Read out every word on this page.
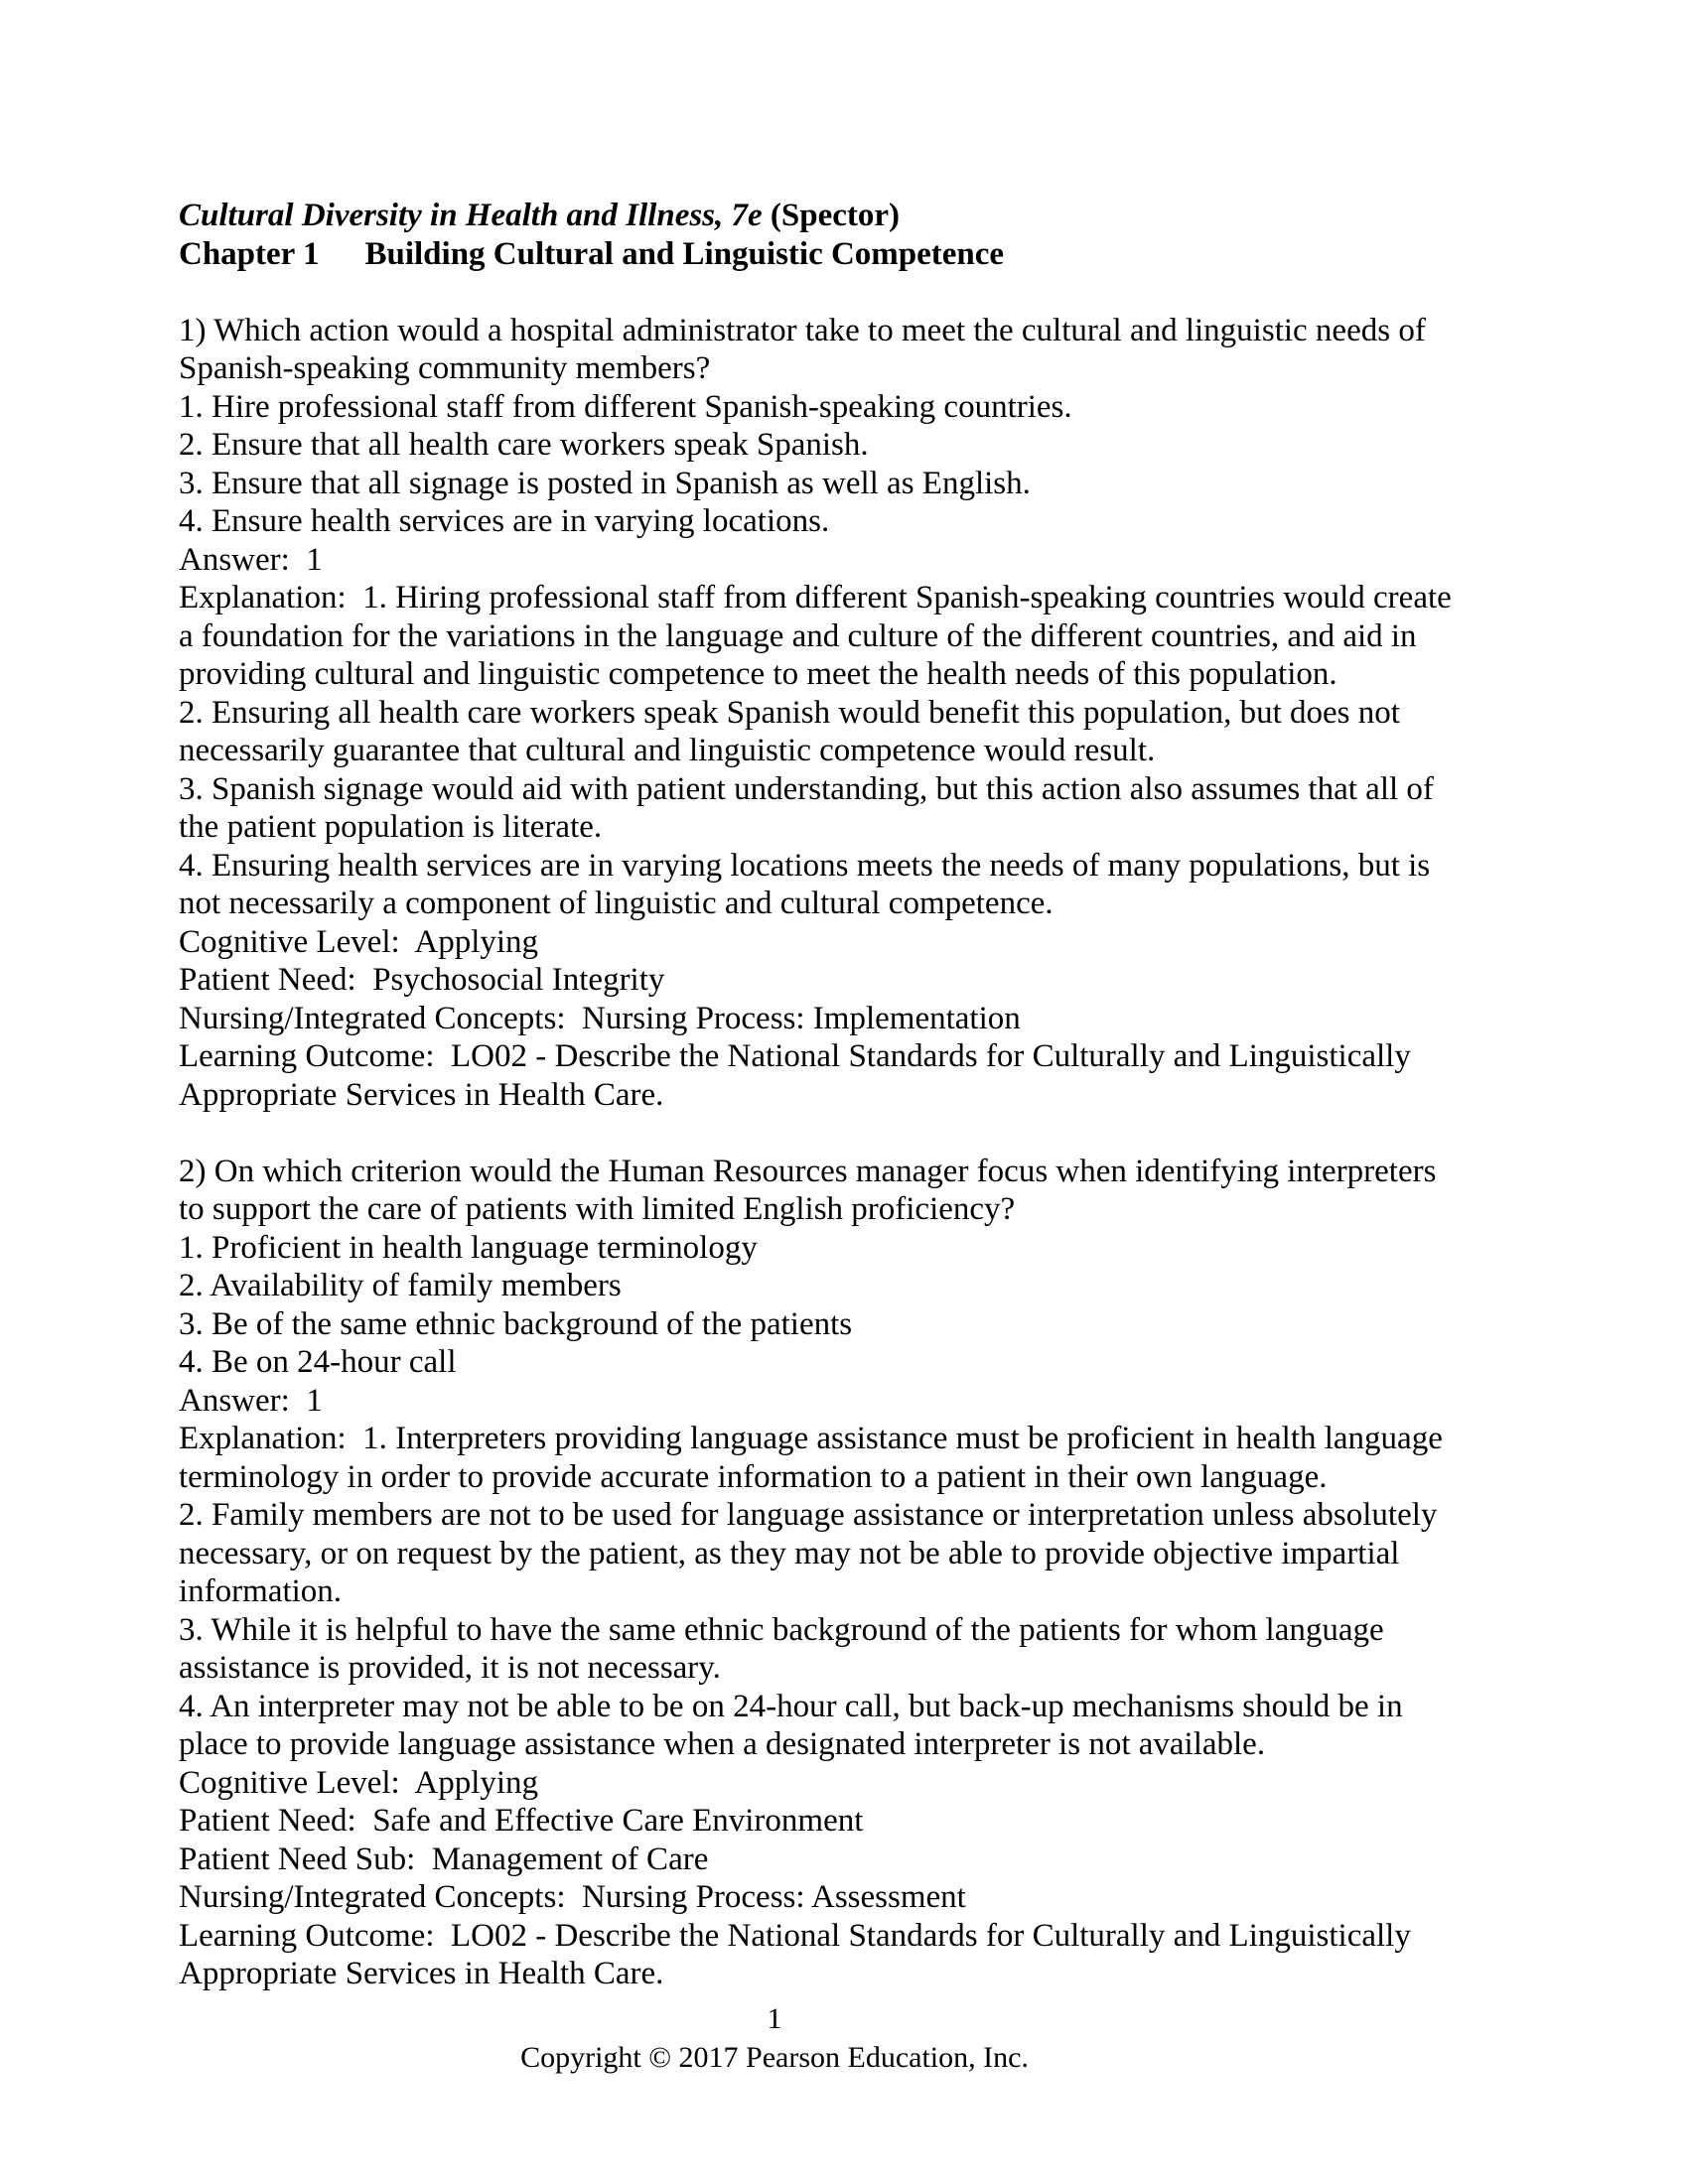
Cultural Diversity in Health and Illness, 7e (Spector)
Chapter 1 Building Cultural and Linguistic Competence
1) Which action would a hospital administrator take to meet the cultural and linguistic needs of
Spanish-speaking community members?
1. Hire professional staff from different Spanish-speaking countries.
2. Ensure that all health care workers speak Spanish.
3. Ensure that all signage is posted in Spanish as well as English.
4. Ensure health services are in varying locations.
Answer:  1
Explanation:  1. Hiring professional staff from different Spanish-speaking countries would create
a foundation for the variations in the language and culture of the different countries, and aid in
providing cultural and linguistic competence to meet the health needs of this population.
2. Ensuring all health care workers speak Spanish would benefit this population, but does not
necessarily guarantee that cultural and linguistic competence would result.
3. Spanish signage would aid with patient understanding, but this action also assumes that all of
the patient population is literate.
4. Ensuring health services are in varying locations meets the needs of many populations, but is
not necessarily a component of linguistic and cultural competence.
Cognitive Level:  Applying
Patient Need:  Psychosocial Integrity
Nursing/Integrated Concepts:  Nursing Process: Implementation
Learning Outcome:  LO02 - Describe the National Standards for Culturally and Linguistically
Appropriate Services in Health Care.
2) On which criterion would the Human Resources manager focus when identifying interpreters
to support the care of patients with limited English proficiency?
1. Proficient in health language terminology
2. Availability of family members
3. Be of the same ethnic background of the patients
4. Be on 24-hour call
Answer:  1
Explanation:  1. Interpreters providing language assistance must be proficient in health language
terminology in order to provide accurate information to a patient in their own language.
2. Family members are not to be used for language assistance or interpretation unless absolutely
necessary, or on request by the patient, as they may not be able to provide objective impartial
information.
3. While it is helpful to have the same ethnic background of the patients for whom language
assistance is provided, it is not necessary.
4. An interpreter may not be able to be on 24-hour call, but back-up mechanisms should be in
place to provide language assistance when a designated interpreter is not available.
Cognitive Level:  Applying
Patient Need:  Safe and Effective Care Environment
Patient Need Sub:  Management of Care
Nursing/Integrated Concepts:  Nursing Process: Assessment
Learning Outcome:  LO02 - Describe the National Standards for Culturally and Linguistically
Appropriate Services in Health Care.
1
Copyright © 2017 Pearson Education, Inc.
